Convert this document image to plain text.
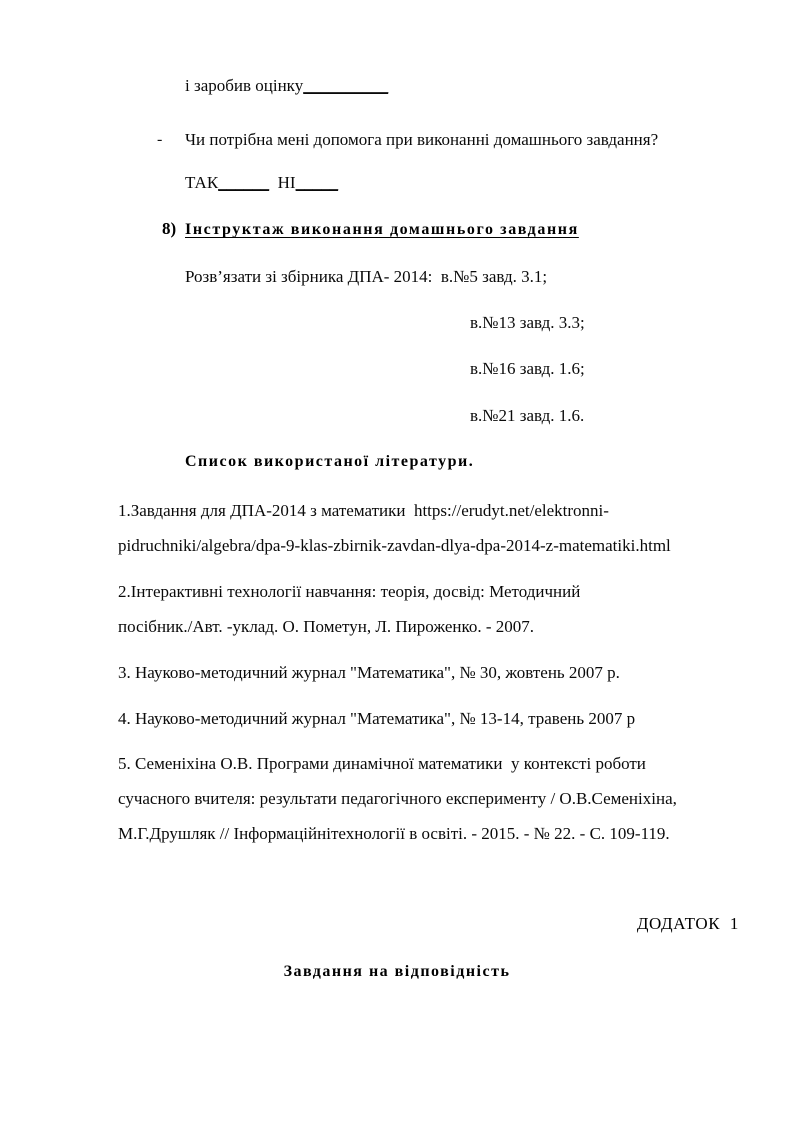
і заробив оцінку__________
- Чи потрібна мені допомога при виконанні домашнього завдання?
ТАК______ НІ_____
8) Інструктаж виконання домашнього завдання
Розв’язати зі збірника ДПА- 2014:  в.№5 завд. 3.1;
в.№13 завд. 3.3;
в.№16 завд. 1.6;
в.№21 завд. 1.6.
Список використаної літератури.
1.Завдання для ДПА-2014 з математики  https://erudyt.net/elektronni-
pidruchniki/algebra/dpa-9-klas-zbirnik-zavdan-dlya-dpa-2014-z-matematiki.html
2.Інтерактивні технології навчання: теорія, досвід: Методичний
посібник./Авт. -уклад. О. Пометун, Л. Пироженко. - 2007.
3. Науково-методичний журнал "Математика", № 30, жовтень 2007 р.
4. Науково-методичний журнал "Математика", № 13-14, травень 2007 р
5. Семеніхіна О.В. Програми динамічної математики  у контексті роботи
сучасного вчителя: результати педагогічного експерименту / О.В.Семеніхіна,
М.Г.Друшляк // Інформаційнітехнології в освіті. - 2015. - № 22. - С. 109-119.
ДОДАТОК  1
Завдання на відповідність
